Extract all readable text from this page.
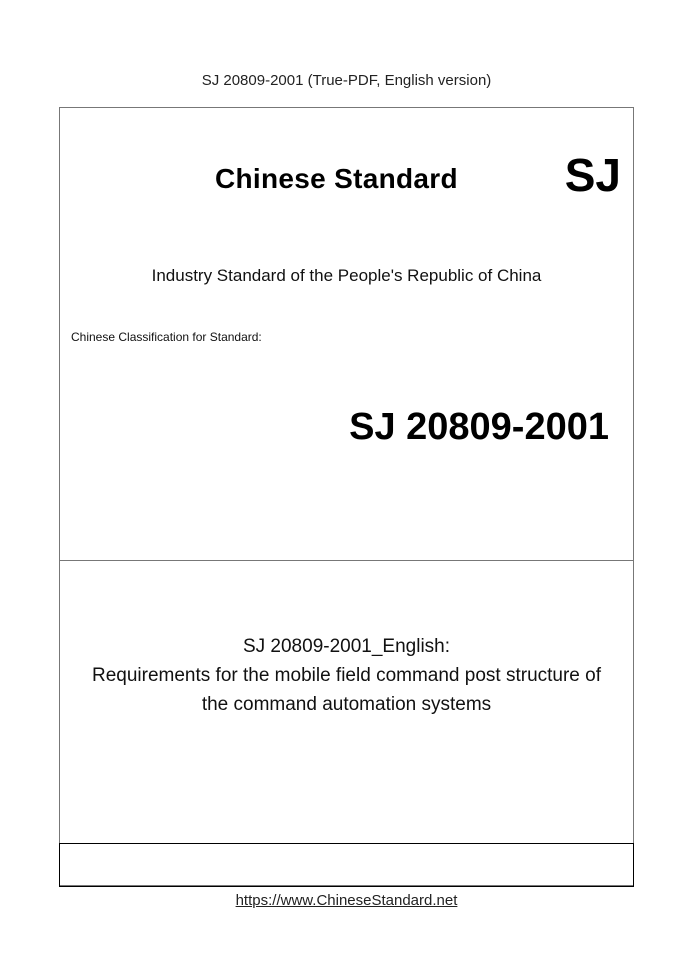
SJ 20809-2001 (True-PDF, English version)
Chinese Standard SJ
Industry Standard of the People's Republic of China
Chinese Classification for Standard:
SJ 20809-2001
SJ 20809-2001_English:
Requirements for the mobile field command post structure of
the command automation systems
https://www.ChineseStandard.net
